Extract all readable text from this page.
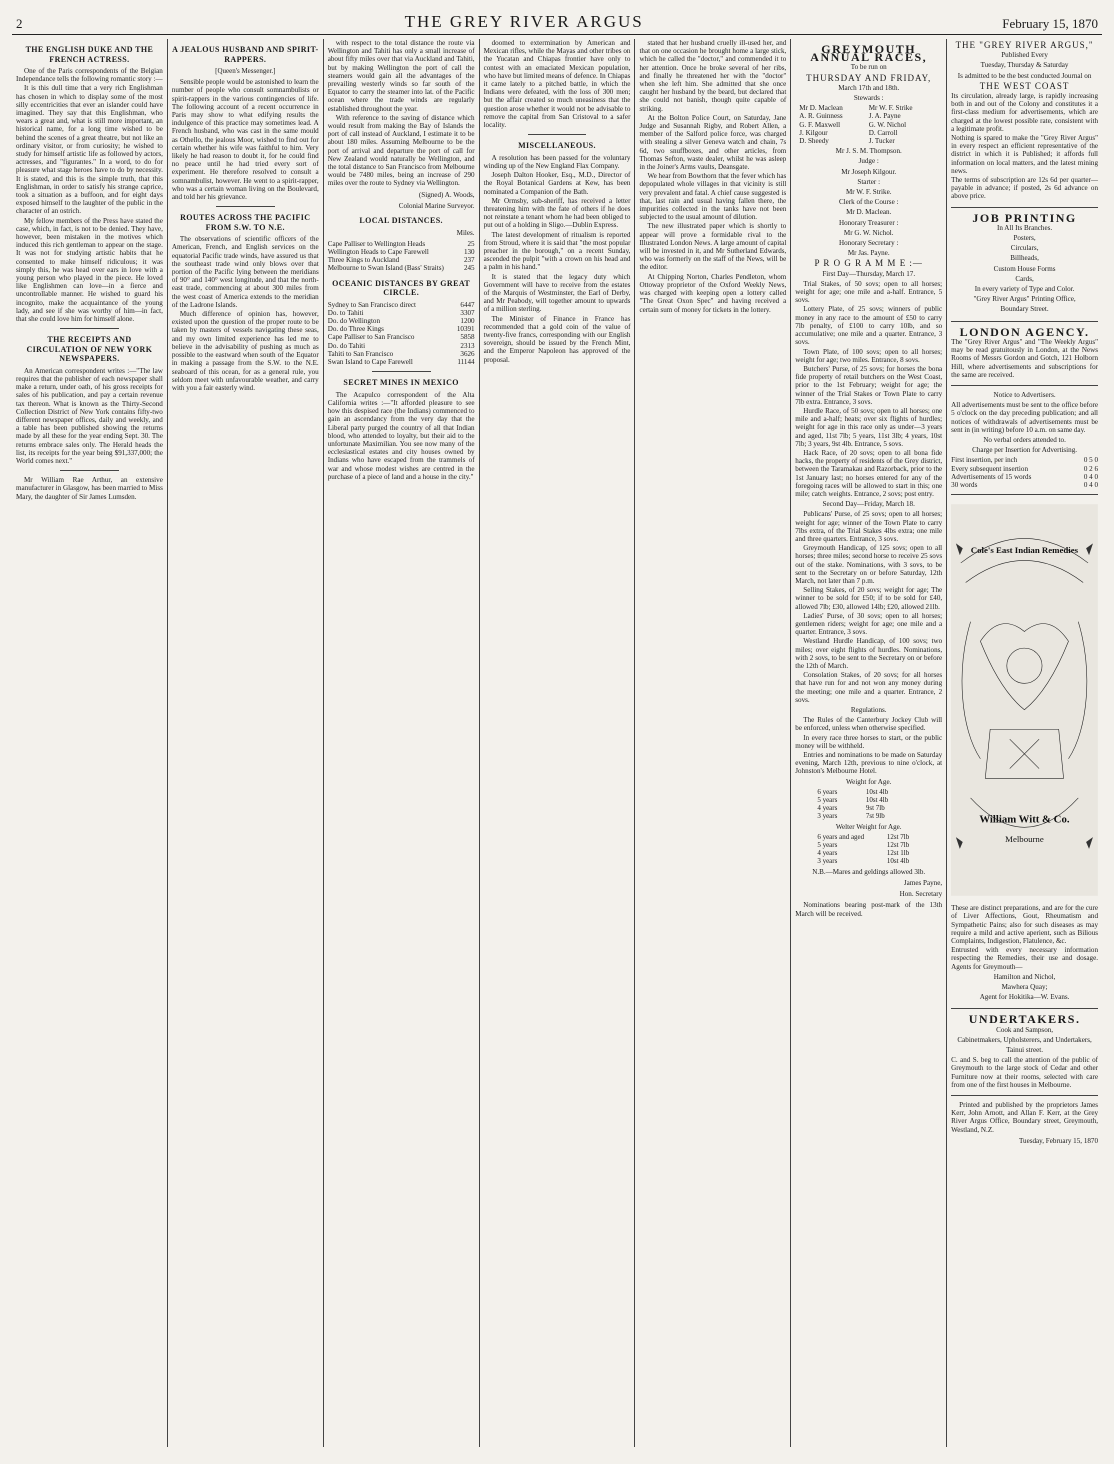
2	THE GREY RIVER ARGUS	February 15, 1870
THE ENGLISH DUKE AND THE FRENCH ACTRESS.

One of the Paris correspondents of the Belgian Independance tells the following romantic story :—

It is this dull time that a very rich Englishman has chosen in which to display some of the most silly eccentricities that ever an islander could have imagined. They say that this Englishman, who wears a great and, what is still more important, an historical name, for a long time wished to be behind the scenes of a great theatre, but not like an ordinary visitor, or from curiosity; he wished to study for himself artistic life as followed by actors, actresses, and "figurantes." In a word, to do for pleasure what stage heroes have to do by necessity. It is stated, and this is the simple truth, that this Englishman, in order to satisfy his strange caprice, took a situation as a buffoon, and for eight days exposed himself to the laughter of the public in the character of an ostrich.

My fellow members of the Press have stated the case, which, in fact, is not to be denied. They have, however, been mistaken in the motives which induced this rich gentleman to appear on the stage. It was not for studying artistic habits that he consented to make himself ridiculous; it was simply this, he was head over ears in love with a young person who played in the piece. He loved like Englishmen can love—in a fierce and uncontrollable manner. He wished to guard his incognito, make the acquaintance of the young lady, and see if she was worthy of him—in fact, that she could love him for himself alone.

THE RECEIPTS AND CIRCULATION OF NEW YORK NEWSPAPERS.

An American correspondent writes :—"The law requires that the publisher of each newspaper shall make a return, under oath, of his gross receipts for sales of his publication, and pay a certain revenue tax thereon. What is known as the Thirty-Second Collection District of New York contains fifty-two different newspaper offices, daily and weekly, and a table has been published showing the returns made by all these for the year ending Sept. 30. The returns embrace sales only. The Herald heads the list, its receipts for the year being $91,337,000; the World comes next."

Mr William Rae Arthur, an extensive manufacturer in Glasgow, has been married to Miss Mary, the daughter of Sir James Lumsden.

A JEALOUS HUSBAND AND SPIRIT-RAPPERS.
[Queen's Messenger.]

Sensible people would be astonished to learn the number of people who consult somnambulists or spirit-rappers in the various contingencies of life. The following account of a recent occurrence in Paris may show to what edifying results the indulgence of this practice may sometimes lead. A French husband, who was cast in the same mould as Othello, the jealous Moor, wished to find out for certain whether his wife was faithful to him. Very likely he had reason to doubt it, for he could find no peace until he had tried every sort of experiment. He therefore resolved to consult a somnambulist, however. He went to a spirit-rapper, who was a certain woman living on the Boulevard, and told her his grievance.

ROUTES ACROSS THE PACIFIC FROM S.W. TO N.E.

The observations of scientific officers of the American, French, and English services on the equatorial Pacific trade winds, have assured us that the southeast trade wind only blows over that portion of the Pacific lying between the meridians of 90° and 140° west longitude, and that the north-east trade, commencing at about 300 miles from the west coast of America extends to the meridian of the Ladrone Islands.

Much difference of opinion has, however, existed upon the question of the proper route to be taken by masters of vessels navigating these seas, and my own limited experience has led me to believe in the advisability of pushing as much as possible to the eastward when south of the Equator in making a passage from the S.W. to the N.E. seaboard of this ocean, for as a general rule, you seldom meet with unfavourable weather, and carry with you a fair easterly wind.

with respect to the total distance the route via Wellington and Tahiti has only a small increase of about fifty miles over that via Auckland and Tahiti, but by making Wellington the port of call the steamers would gain all the advantages of the prevailing westerly winds so far south of the Equator to carry the steamer into lat. of the Pacific ocean where the trade winds are regularly established throughout the year.

With reference to the saving of distance which would result from making the Bay of Islands the port of call instead of Auckland, I estimate it to be about 180 miles. Assuming Melbourne to be the port of arrival and departure the port of call for New Zealand would naturally be Wellington, and the total distance to San Francisco from Melbourne would be 7480 miles, being an increase of 290 miles over the route to Sydney via Wellington.

(Signed) A. Woods,
Colonial Marine Surveyor.
LOCAL DISTANCES.
Miles.
Cape Palliser to Wellington Heads	25
Wellington Heads to Cape Farewell	130
Three Kings to Auckland	237
Melbourne to Swan Island (Bass' Straits)	245
OCEANIC DISTANCES BY GREAT CIRCLE.
Sydney to San Francisco direct	6447
Do. to Tahiti	3307
Do. do Wellington	1200
Do. do Three Kings	10391
Cape Palliser to San Francisco	5858
Do. do Tahiti	2313
Tahiti to San Francisco	3626
Swan Island to Cape Farewell	11144
SECRET MINES IN MEXICO

The Acapulco correspondent of the Alta California writes :—"It afforded pleasure to see how this despised race (the Indians) commenced to gain an ascendancy from the very day that the Liberal party purged the country of all that Indian blood, who attended to loyalty, but their aid to the unfortunate Maximilian. You see now many of the ecclesiastical estates and city houses owned by Indians who have escaped from the trammels of war and whose modest wishes are centred in the purchase of a piece of land and a house in the city."

doomed to extermination by American and Mexican rifles, while the Mayas and other tribes on the Yucatan and Chiapas frontier have only to contest with an emaciated Mexican population, who have but limited means of defence. In Chiapas it came lately to a pitched battle, in which the Indians were defeated, with the loss of 300 men; but the affair created so much uneasiness that the question arose whether it would not be advisable to remove the capital from San Cristoval to a safer locality.

MISCELLANEOUS.

A resolution has been passed for the voluntary winding up of the New England Flax Company.

Joseph Dalton Hooker, Esq., M.D., Director of the Royal Botanical Gardens at Kew, has been nominated a Companion of the Bath.

Mr Ormsby, sub-sheriff, has received a letter threatening him with the fate of others if he does not reinstate a tenant whom he had been obliged to put out of a holding in Sligo.—Dublin Express.

The latest development of ritualism is reported from Stroud, where it is said that "the most popular preacher in the borough," on a recent Sunday, ascended the pulpit "with a crown on his head and a palm in his hand."

It is stated that the legacy duty which Government will have to receive from the estates of the Marquis of Westminster, the Earl of Derby, and Mr Peabody, will together amount to upwards of a million sterling.

The Minister of Finance in France has recommended that a gold coin of the value of twenty-five francs, corresponding with our English sovereign, should be issued by the French Mint, and the Emperor Napoleon has approved of the proposal.

stated that her husband cruelly ill-used her, and that on one occasion he brought home a large stick, which he called the "doctor," and commended it to her attention. Once he broke several of her ribs, and finally he threatened her with the "doctor" when she left him. She admitted that she once caught her husband by the beard, but declared that she could not banish, though quite capable of striking.

At the Bolton Police Court, on Saturday, Jane Judge and Susannah Rigby, and Robert Allen, a member of the Salford police force, was charged with stealing a silver Geneva watch and chain, 7s 6d, two snuffboxes, and other articles, from Thomas Sefton, waste dealer, whilst he was asleep in the Joiner's Arms vaults, Deansgate.

We hear from Bowthorn that the fever which has depopulated whole villages in that vicinity is still very prevalent and fatal. A chief cause suggested is that, last rain and usual having fallen there, the impurities collected in the tanks have not been subjected to the usual amount of dilution.

The new illustrated paper which is shortly to appear will prove a formidable rival to the Illustrated London News. A large amount of capital will be invested in it, and Mr Sutherland Edwards, who was formerly on the staff of the News, will be the editor.

At Chipping Norton, Charles Pendleton, whom Ottoway proprietor of the Oxford Weekly News, was charged with keeping open a lottery called "The Great Oxon Spec" and having received a certain sum of money for tickets in the lottery.

GREYMOUTH ANNUAL RACES,
To be run on
THURSDAY AND FRIDAY,
March 17th and 18th.
Stewards :
Mr D. Maclean	Mr W. F. Strike
A. R. Guinness	J. A. Payne
G. F. Maxwell	G. W. Nichol
J. Kilgour	D. Carroll
D. Sheedy	J. Tucker
Mr J. S. M. Thompson.
Judge :
Mr Joseph Kilgour.
Starter :
Mr W. F. Strike.
Clerk of the Course :
Mr D. Maclean.
Honorary Treasurer :
Mr G. W. Nichol.
Honorary Secretary :
Mr Jas. Payne.
P R O G R A M M E :—
First Day—Thursday, March 17.

Trial Stakes, of 50 sovs; open to all horses; weight for age; one mile and a-half. Entrance, 5 sovs.

Lottery Plate, of 25 sovs; winners of public money in any race to the amount of £50 to carry 7lb penalty, of £100 to carry 10lb, and so accumulative; one mile and a quarter. Entrance, 3 sovs.

Town Plate, of 100 sovs; open to all horses; weight for age; two miles. Entrance, 8 sovs.

Butchers' Purse, of 25 sovs; for horses the bona fide property of retail butchers on the West Coast, prior to the 1st February; weight for age; the winner of the Trial Stakes or Town Plate to carry 7lb extra. Entrance, 3 sovs.

Hurdle Race, of 50 sovs; open to all horses; one mile and a-half; heats; over six flights of hurdles; weight for age in this race only as under—3 years and aged, 11st 7lb; 5 years, 11st 3lb; 4 years, 10st 7lb; 3 years, 9st 4lb. Entrance, 5 sovs.

Hack Race, of 20 sovs; open to all bona fide hacks, the property of residents of the Grey district, between the Taramakau and Razorback, prior to the 1st January last; no horses entered for any of the foregoing races will be allowed to start in this; one mile; catch weights. Entrance, 2 sovs; post entry.

Second Day—Friday, March 18.

Publicans' Purse, of 25 sovs; open to all horses; weight for age; winner of the Town Plate to carry 7lbs extra, of the Trial Stakes 4lbs extra; one mile and three quarters. Entrance, 3 sovs.

Greymouth Handicap, of 125 sovs; open to all horses; three miles; second horse to receive 25 sovs out of the stake. Nominations, with 3 sovs, to be sent to the Secretary on or before Saturday, 12th March, not later than 7 p.m.

Selling Stakes, of 20 sovs; weight for age; The winner to be sold for £50; if to be sold for £40, allowed 7lb; £30, allowed 14lb; £20, allowed 21lb.

Ladies' Purse, of 30 sovs; open to all horses; gentlemen riders; weight for age; one mile and a quarter. Entrance, 3 sovs.

Westland Hurdle Handicap, of 100 sovs; two miles; over eight flights of hurdles. Nominations, with 2 sovs, to be sent to the Secretary on or before the 12th of March.

Consolation Stakes, of 20 sovs; for all horses that have run for and not won any money during the meeting; one mile and a quarter. Entrance, 2 sovs.

Regulations.

The Rules of the Canterbury Jockey Club will be enforced, unless when otherwise specified.

In every race three horses to start, or the public money will be withheld.

Entries and nominations to be made on Saturday evening, March 12th, previous to nine o'clock, at Johnston's Melbourne Hotel.

Weight for Age.
6 years	10st 4lb
5 years	10st 4lb
4 years	9st 7lb
3 years	7st 9lb
Welter Weight for Age.
6 years and aged	12st 7lb
5 years	12st 7lb
4 years	12st 1lb
3 years	10st 4lb
N.B.—Mares and geldings allowed 3lb.
James Payne,
Hon. Secretary

Nominations bearing post-mark of the 13th March will be received.

THE "GREY RIVER ARGUS,"
Published Every
Tuesday, Thursday & Saturday
Is admitted to be the best conducted Journal on
THE WEST COAST

Its circulation, already large, is rapidly increasing both in and out of the Colony and constitutes it a first-class medium for advertisements, which are charged at the lowest possible rate, consistent with a legitimate profit.

Nothing is spared to make the "Grey River Argus" in every respect an efficient representative of the district in which it is Published; it affords full information on local matters, and the latest mining news.

The terms of subscription are 12s 6d per quarter—payable in advance; if posted, 2s 6d advance on above price.

JOB PRINTING
In All Its Branches.
Posters,
Circulars,
Billheads,
Custom House Forms
Cards,
In every variety of Type and Color.
"Grey River Argus" Printing Office,
Boundary Street.
LONDON AGENCY.

The "Grey River Argus" and "The Weekly Argus" may be read gratuitously in London, at the News Rooms of Messrs Gordon and Gotch, 121 Holborn Hill, where advertisements and subscriptions for the same are received.

Notice to Advertisers.

All advertisements must be sent to the office before 5 o'clock on the day preceding publication; and all notices of withdrawals of advertisements must be sent in (in writing) before 10 a.m. on same day.

No verbal orders attended to.
Charge per Insertion for Advertising.
First insertion, per inch	0 5 0
Every subsequent insertion	0 2 6
Advertisements of 15 words	0 4 0
30 words	0 4 0
Cole's East Indian Remedies
William Witt & Co.
Melbourne

These are distinct preparations, and are for the cure of Liver Affections, Gout, Rheumatism and Sympathetic Pains; also for such diseases as may require a mild and active aperient, such as Bilious Complaints, Indigestion, Flatulence, &c.

Entrusted with every necessary information respecting the Remedies, their use and dosage. Agents for Greymouth—

Hamilton and Nichol,
Mawhera Quay;
Agent for Hokitika—W. Evans.
UNDERTAKERS.
Cook and Sampson,
Cabinetmakers, Upholsterers, and Undertakers,
Tainui street.

C. and S. beg to call the attention of the public of Greymouth to the large stock of Cedar and other Furniture now at their rooms, selected with care from one of the first houses in Melbourne.

Printed and published by the proprietors James Kerr, John Arnott, and Allan F. Kerr, at the Grey River Argus Office, Boundary street, Greymouth, Westland, N.Z.

Tuesday, February 15, 1870
